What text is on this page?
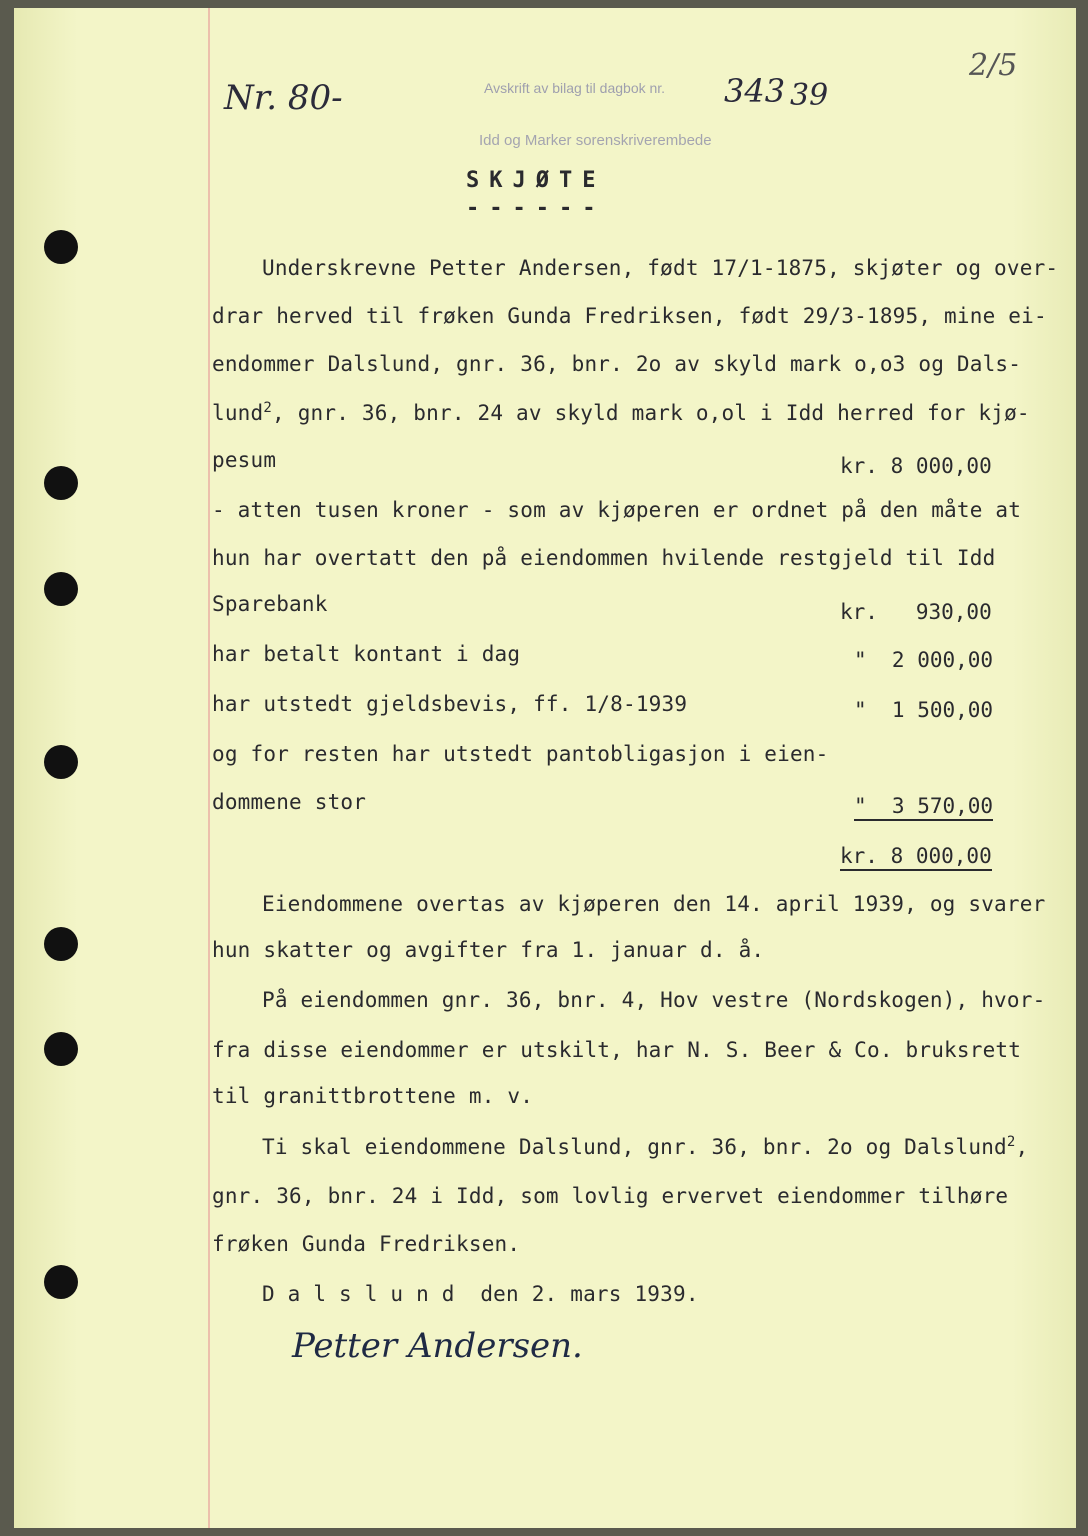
Nr. 80-	Avskrift av bilag til dagbok nr. 343 39
Idd og Marker sorenskriverembede
2/5
SKJØTE
------
Underskrevne Petter Andersen, født 17/1-1875, skjøter og over-
drar herved til frøken Gunda Fredriksen, født 29/3-1895, mine ei-
endommer Dalslund, gnr. 36, bnr. 2o av skyld mark o,o3 og Dals-
lund$^2$, gnr. 36, bnr. 24 av skyld mark o,ol i Idd herred for kjø-
pesum	kr. 8 000,00
- atten tusen kroner - som av kjøperen er ordnet på den måte at
hun har overtatt den på eiendommen hvilende restgjeld til Idd
Sparebank	kr.   930,00
har betalt kontant i dag	"  2 000,00
har utstedt gjeldsbevis, ff. 1/8-1939	"  1 500,00
og for resten har utstedt pantobligasjon i eien-
dommene stor	"  3 570,00
kr. 8 000,00
Eiendommene overtas av kjøperen den 14. april 1939, og svarer
hun skatter og avgifter fra 1. januar d. å.
På eiendommen gnr. 36, bnr. 4, Hov vestre (Nordskogen), hvor-
fra disse eiendommer er utskilt, har N. S. Beer & Co. bruksrett
til granittbrottene m. v.
Ti skal eiendommene Dalslund, gnr. 36, bnr. 2o og Dalslund$^2$,
gnr. 36, bnr. 24 i Idd, som lovlig ervervet eiendommer tilhøre
frøken Gunda Fredriksen.
D a l s l u n d den 2. mars 1939.
Petter Andersen.
